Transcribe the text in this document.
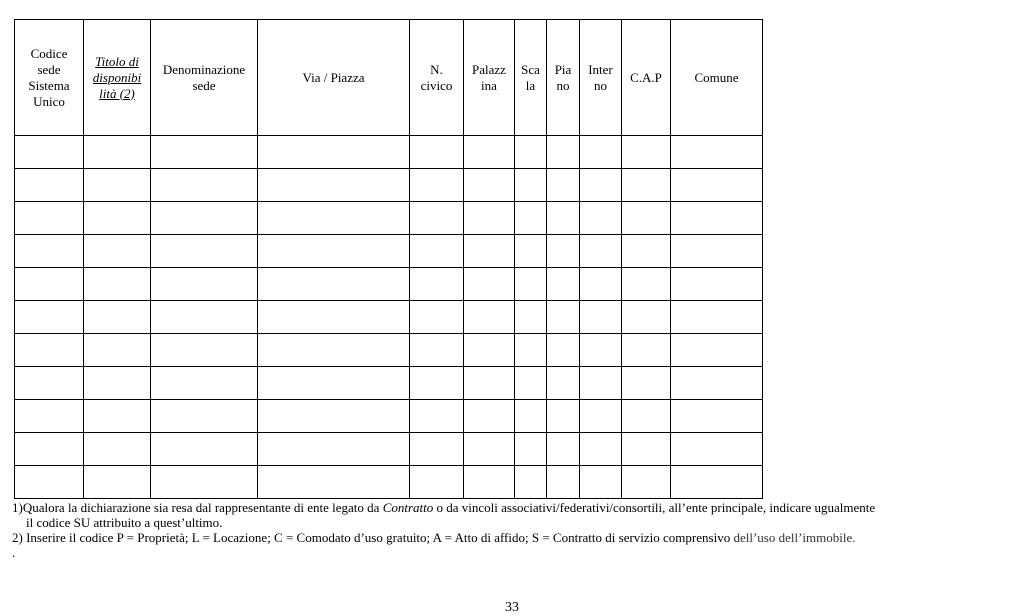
Codice
sede
Sistema
Unico	Titolo di
disponibi
lità (2)	Denominazione
sede	Via / Piazza	N.
civico	Palazz
ina	Sca
la	Pia
no	Inter
no	C.A.P	Comune

1)Qualora la dichiarazione sia resa dal rappresentante di ente legato da Contratto o da vincoli associativi/federativi/consortili, all’ente principale, indicare ugualmente

il codice SU attribuito a quest’ultimo.

2) Inserire il codice P = Proprietà; L = Locazione; C = Comodato d’uso gratuito; A = Atto di affido; S = Contratto di servizio comprensivo dell’uso dell’immobile.

.

33
